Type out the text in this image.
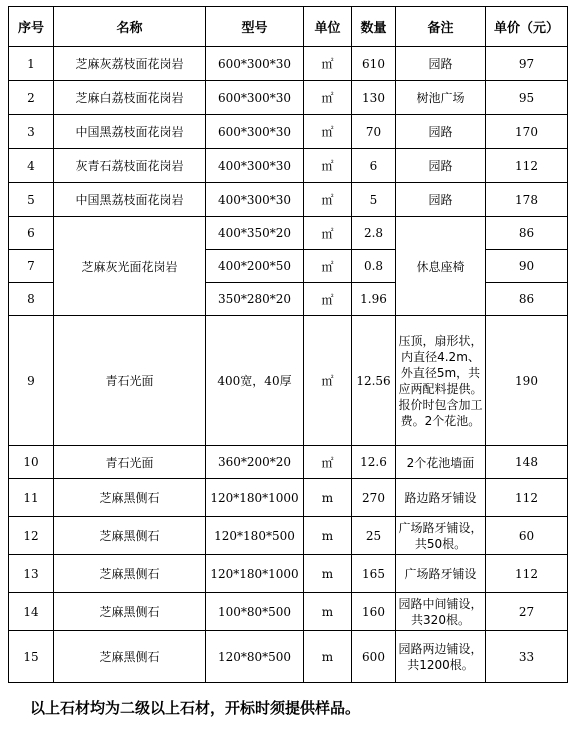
序号	名称	型号	单位	数量	备注	单价（元）
1	芝麻灰荔枝面花岗岩	600*300*30	㎡	610	园路	97
2	芝麻白荔枝面花岗岩	600*300*30	㎡	130	树池广场	95
3	中国黑荔枝面花岗岩	600*300*30	㎡	70	园路	170
4	灰青石荔枝面花岗岩	400*300*30	㎡	6	园路	112
5	中国黑荔枝面花岗岩	400*300*30	㎡	5	园路	178
6	芝麻灰光面花岗岩	400*350*20	㎡	2.8	休息座椅	86
7		400*200*50	㎡	0.8		90
8		350*280*20	㎡	1.96		86
9	青石光面	400宽，40厚	㎡	12.56	压顶，扇形状，内直径4.2m、外直径5m，共应两配料提供。报价时包含加工费。2个花池。	190
10	青石光面	360*200*20	㎡	12.6	2个花池墙面	148
11	芝麻黑侧石	120*180*1000	m	270	路边路牙铺设	112
12	芝麻黑侧石	120*180*500	m	25	广场路牙铺设，共50根。	60
13	芝麻黑侧石	120*180*1000	m	165	广场路牙铺设	112
14	芝麻黑侧石	100*80*500	m	160	园路中间铺设，共320根。	27
15	芝麻黑侧石	120*80*500	m	600	园路两边铺设，共1200根。	33
以上石材均为二级以上石材，开标时须提供样品。
